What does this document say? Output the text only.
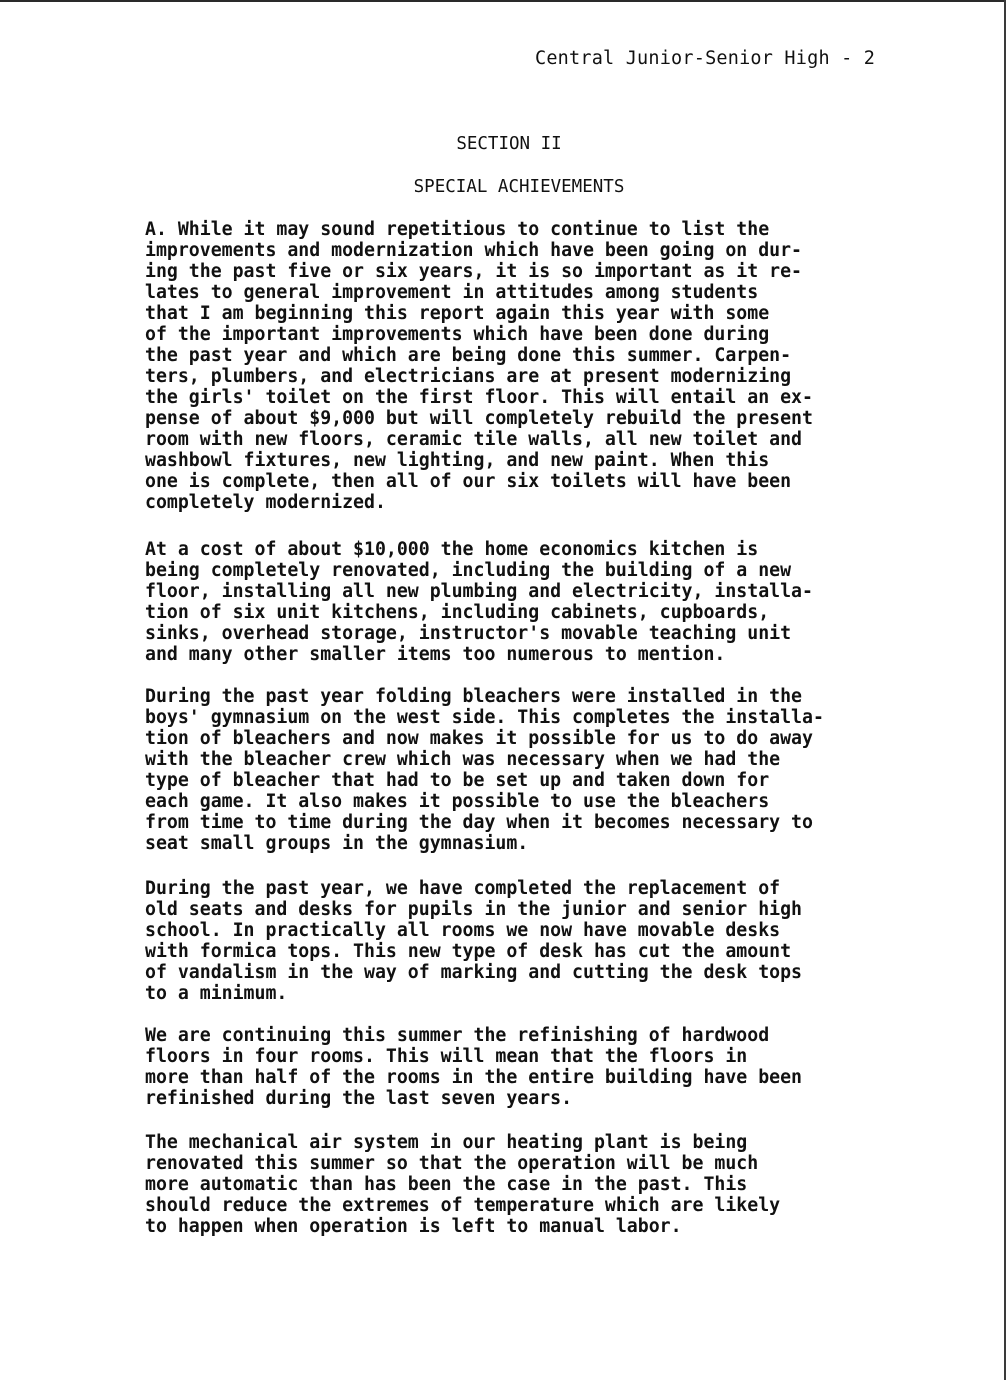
Central Junior-Senior High - 2
SECTION II
SPECIAL ACHIEVEMENTS
A. While it may sound repetitious to continue to list the
improvements and modernization which have been going on dur-
ing the past five or six years, it is so important as it re-
lates to general improvement in attitudes among students
that I am beginning this report again this year with some
of the important improvements which have been done during
the past year and which are being done this summer. Carpen-
ters, plumbers, and electricians are at present modernizing
the girls' toilet on the first floor. This will entail an ex-
pense of about $9,000 but will completely rebuild the present
room with new floors, ceramic tile walls, all new toilet and
washbowl fixtures, new lighting, and new paint. When this
one is complete, then all of our six toilets will have been
completely modernized.
At a cost of about $10,000 the home economics kitchen is
being completely renovated, including the building of a new
floor, installing all new plumbing and electricity, installa-
tion of six unit kitchens, including cabinets, cupboards,
sinks, overhead storage, instructor's movable teaching unit
and many other smaller items too numerous to mention.
During the past year folding bleachers were installed in the
boys' gymnasium on the west side. This completes the installa-
tion of bleachers and now makes it possible for us to do away
with the bleacher crew which was necessary when we had the
type of bleacher that had to be set up and taken down for
each game. It also makes it possible to use the bleachers
from time to time during the day when it becomes necessary to
seat small groups in the gymnasium.
During the past year, we have completed the replacement of
old seats and desks for pupils in the junior and senior high
school. In practically all rooms we now have movable desks
with formica tops. This new type of desk has cut the amount
of vandalism in the way of marking and cutting the desk tops
to a minimum.
We are continuing this summer the refinishing of hardwood
floors in four rooms. This will mean that the floors in
more than half of the rooms in the entire building have been
refinished during the last seven years.
The mechanical air system in our heating plant is being
renovated this summer so that the operation will be much
more automatic than has been the case in the past. This
should reduce the extremes of temperature which are likely
to happen when operation is left to manual labor.
